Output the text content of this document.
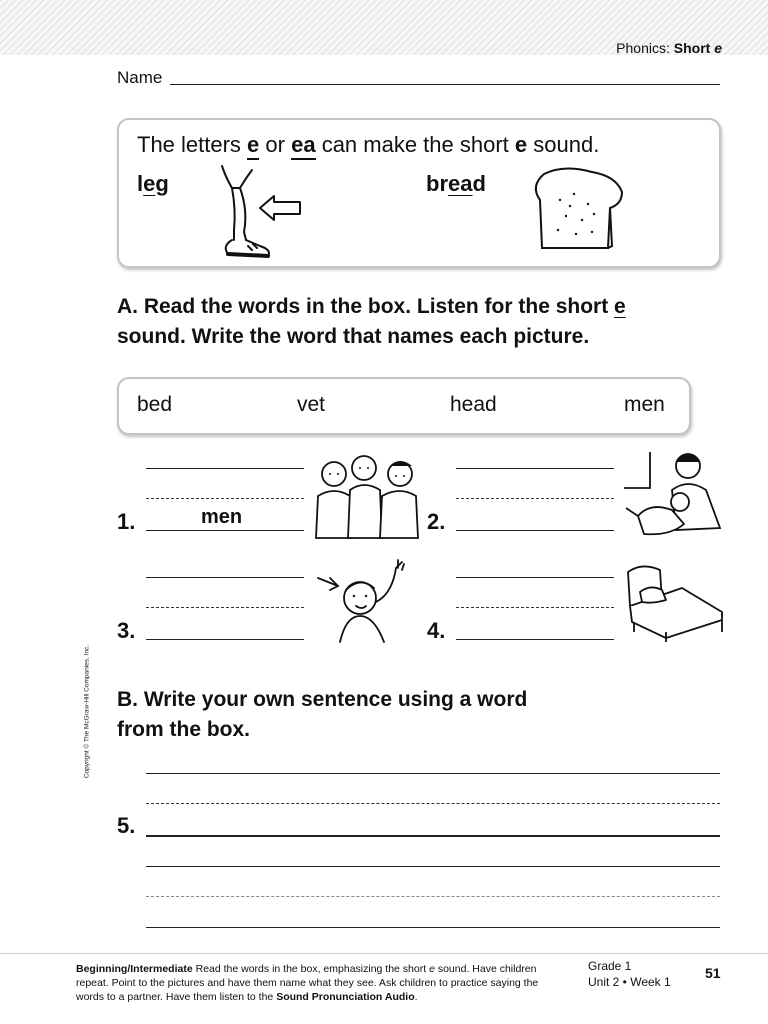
Phonics: Short e
Name
The letters e or ea can make the short e sound.
leg	bread
A. Read the words in the box. Listen for the short e
sound. Write the word that names each picture.
bed	vet	head	men
1.	men	2.
3.	4.
B. Write your own sentence using a word
from the box.
5.
Copyright © The McGraw-Hill Companies, Inc.
Beginning/Intermediate Read the words in the box, emphasizing the short e sound. Have children repeat. Point to the pictures and have them name what they see. Ask children to practice saying the words to a partner. Have them listen to the Sound Pronunciation Audio.
Grade 1
Unit 2 • Week 1
51
